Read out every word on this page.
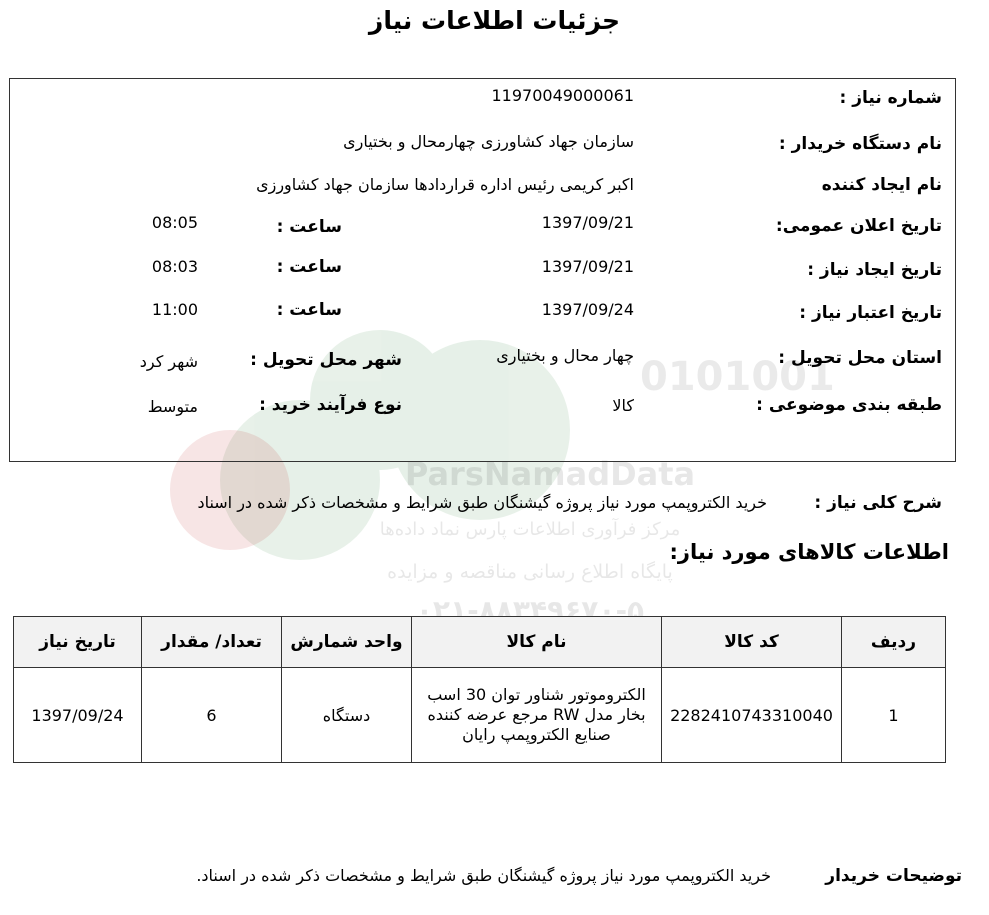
0101001
ParsNamadData
مرکز فرآوری اطلاعات پارس نماد داده‌ها
پایگاه اطلاع رسانی مناقصه و مزایده
۰۲۱-۸۸۳۴۹۶۷۰-۵
جزئیات اطلاعات نیاز
شماره نیاز :
11970049000061
نام دستگاه خریدار :
سازمان جهاد کشاورزی چهارمحال و بختیاری
نام ایجاد کننده
اکبر کریمی رئیس اداره قراردادها سازمان جهاد کشاورزی
تاریخ اعلان عمومی:
1397/09/21
ساعت :
08:05
تاریخ ایجاد نیاز :
1397/09/21
ساعت :
08:03
تاریخ اعتبار نیاز :
1397/09/24
ساعت :
11:00
استان محل تحویل :
چهار محال و بختیاری
شهر محل تحویل :
شهر کرد
طبقه بندی موضوعی :
کالا
نوع فرآیند خرید :
متوسط
شرح کلی نیاز :
خرید الکتروپمپ مورد نیاز پروژه گیشنگان طبق شرایط و مشخصات ذکر شده در اسناد
اطلاعات کالاهای مورد نیاز:
ردیف	کد کالا	نام کالا	واحد شمارش	تعداد/ مقدار	تاریخ نیاز
1	2282410743310040	الکتروموتور شناور توان 30 اسب بخار مدل RW مرجع عرضه کننده صنایع الکتروپمپ رایان	دستگاه	6	1397/09/24
توضیحات خریدار
خرید الکتروپمپ مورد نیاز پروژه گیشنگان طبق شرایط و مشخصات ذکر شده در اسناد.
